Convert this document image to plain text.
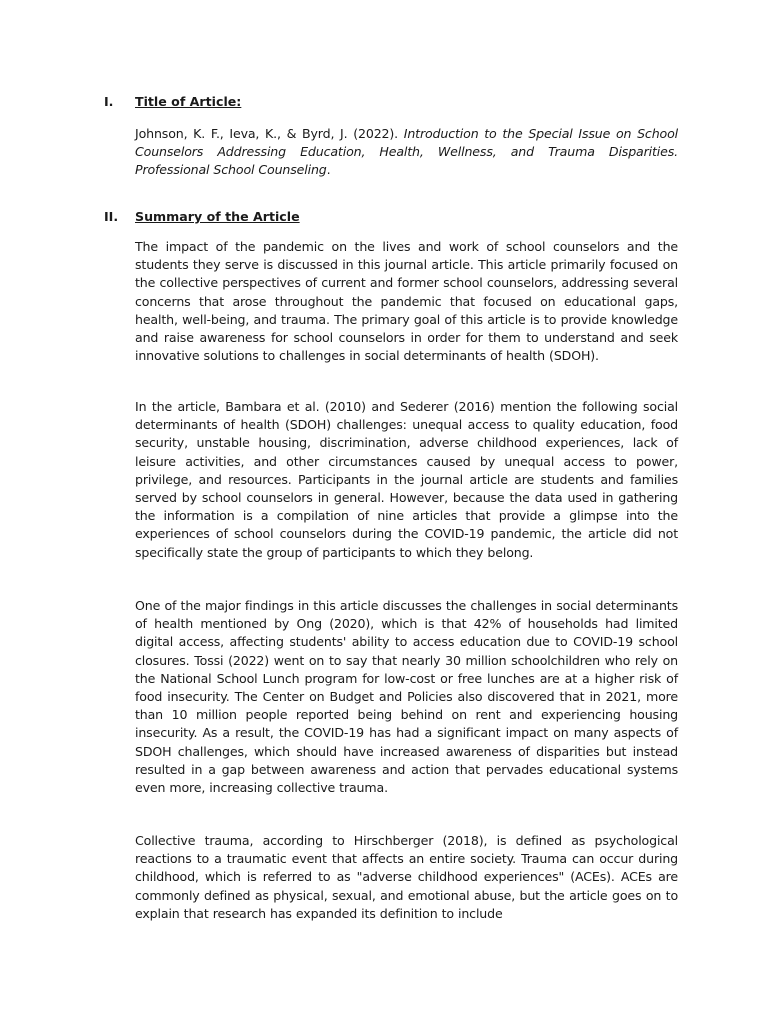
I. Title of Article:
Johnson, K. F., Ieva, K., & Byrd, J. (2022). Introduction to the Special Issue on School Counselors Addressing Education, Health, Wellness, and Trauma Disparities. Professional School Counseling.
II. Summary of the Article
The impact of the pandemic on the lives and work of school counselors and the students they serve is discussed in this journal article. This article primarily focused on the collective perspectives of current and former school counselors, addressing several concerns that arose throughout the pandemic that focused on educational gaps, health, well-being, and trauma. The primary goal of this article is to provide knowledge and raise awareness for school counselors in order for them to understand and seek innovative solutions to challenges in social determinants of health (SDOH).
In the article, Bambara et al. (2010) and Sederer (2016) mention the following social determinants of health (SDOH) challenges: unequal access to quality education, food security, unstable housing, discrimination, adverse childhood experiences, lack of leisure activities, and other circumstances caused by unequal access to power, privilege, and resources. Participants in the journal article are students and families served by school counselors in general. However, because the data used in gathering the information is a compilation of nine articles that provide a glimpse into the experiences of school counselors during the COVID-19 pandemic, the article did not specifically state the group of participants to which they belong.
One of the major findings in this article discusses the challenges in social determinants of health mentioned by Ong (2020), which is that 42% of households had limited digital access, affecting students' ability to access education due to COVID-19 school closures. Tossi (2022) went on to say that nearly 30 million schoolchildren who rely on the National School Lunch program for low-cost or free lunches are at a higher risk of food insecurity. The Center on Budget and Policies also discovered that in 2021, more than 10 million people reported being behind on rent and experiencing housing insecurity. As a result, the COVID-19 has had a significant impact on many aspects of SDOH challenges, which should have increased awareness of disparities but instead resulted in a gap between awareness and action that pervades educational systems even more, increasing collective trauma.
Collective trauma, according to Hirschberger (2018), is defined as psychological reactions to a traumatic event that affects an entire society. Trauma can occur during childhood, which is referred to as "adverse childhood experiences" (ACEs). ACEs are commonly defined as physical, sexual, and emotional abuse, but the article goes on to explain that research has expanded its definition to include
